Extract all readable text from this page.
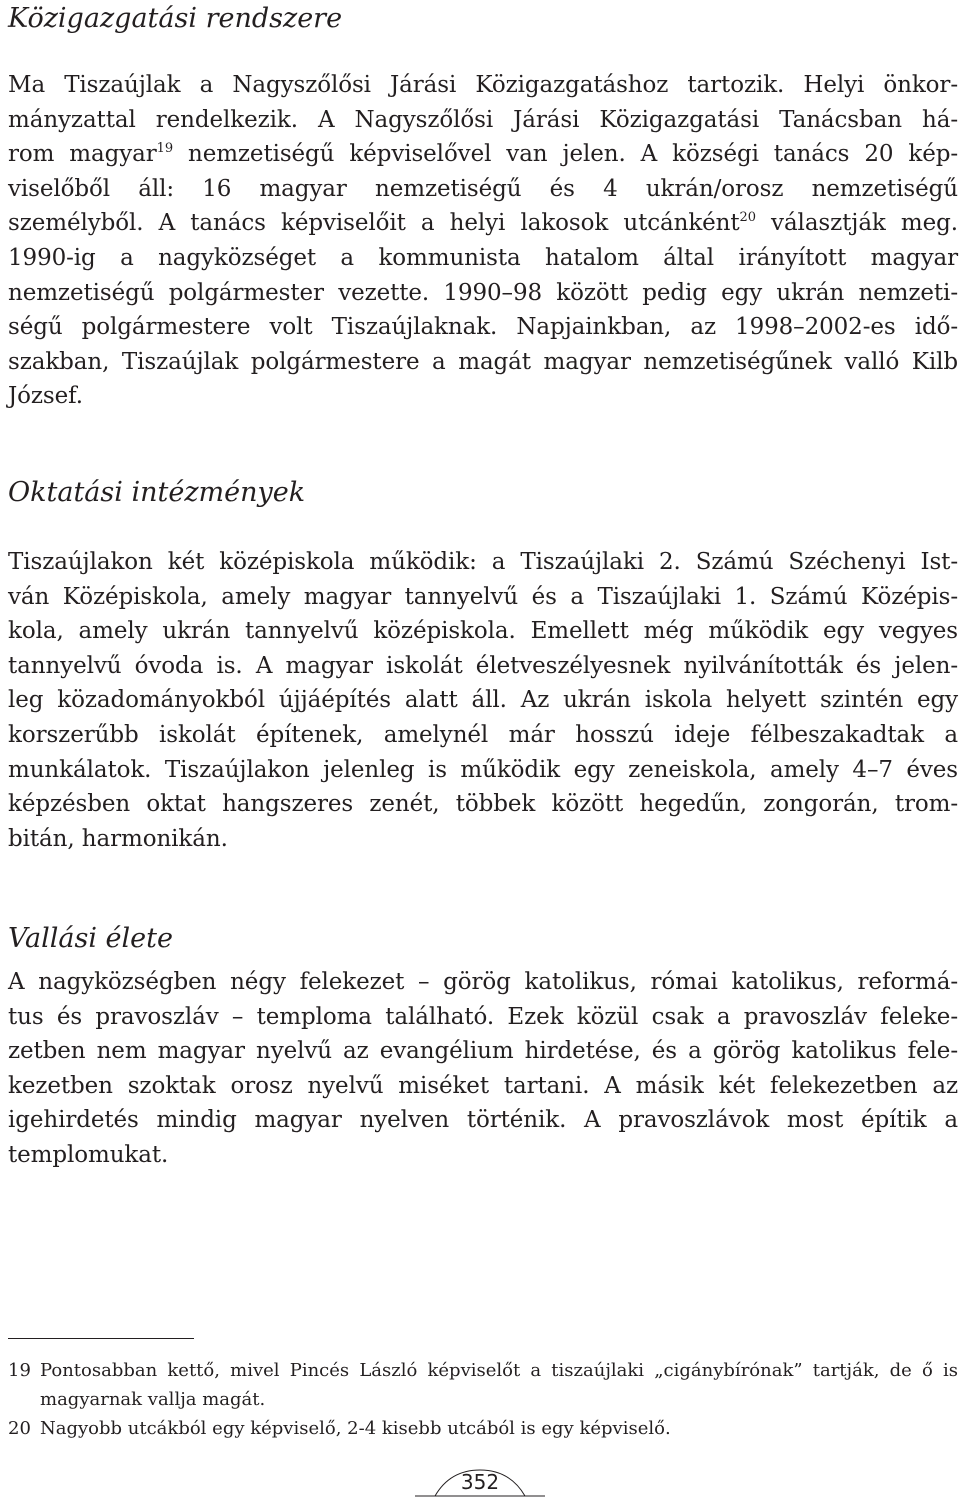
Közigazgatási rendszere
Ma Tiszaújlak a Nagyszőlősi Járási Közigazgatáshoz tartozik. Helyi önkor-
mányzattal rendelkezik. A Nagyszőlősi Járási Közigazgatási Tanácsban há-
rom magyar$^{19}$ nemzetiségű képviselővel van jelen. A községi tanács 20 kép-
viselőből áll: 16 magyar nemzetiségű és 4 ukrán/orosz nemzetiségű
személyből. A tanács képviselőit a helyi lakosok utcánként$^{20}$ választják meg.
1990-ig a nagyközséget a kommunista hatalom által irányított magyar
nemzetiségű polgármester vezette. 1990–98 között pedig egy ukrán nemzeti-
ségű polgármestere volt Tiszaújlaknak. Napjainkban, az 1998–2002-es idő-
szakban, Tiszaújlak polgármestere a magát magyar nemzetiségűnek valló Kilb
József.
Oktatási intézmények
Tiszaújlakon két középiskola működik: a Tiszaújlaki 2. Számú Széchenyi Ist-
ván Középiskola, amely magyar tannyelvű és a Tiszaújlaki 1. Számú Középis-
kola, amely ukrán tannyelvű középiskola. Emellett még működik egy vegyes
tannyelvű óvoda is. A magyar iskolát életveszélyesnek nyilvánították és jelen-
leg közadományokból újjáépítés alatt áll. Az ukrán iskola helyett szintén egy
korszerűbb iskolát építenek, amelynél már hosszú ideje félbeszakadtak a
munkálatok. Tiszaújlakon jelenleg is működik egy zeneiskola, amely 4–7 éves
képzésben oktat hangszeres zenét, többek között hegedűn, zongorán, trom-
bitán, harmonikán.
Vallási élete
A nagyközségben négy felekezet – görög katolikus, római katolikus, reformá-
tus és pravoszláv – temploma található. Ezek közül csak a pravoszláv feleke-
zetben nem magyar nyelvű az evangélium hirdetése, és a görög katolikus fele-
kezetben szoktak orosz nyelvű miséket tartani. A másik két felekezetben az
igehirdetés mindig magyar nyelven történik. A pravoszlávok most építik a
templomukat.
19 Pontosabban kettő, mivel Pincés László képviselőt a tiszaújlaki „cigánybírónak” tartják, de ő is
magyarnak vallja magát.
20 Nagyobb utcákból egy képviselő, 2-4 kisebb utcából is egy képviselő.
352
